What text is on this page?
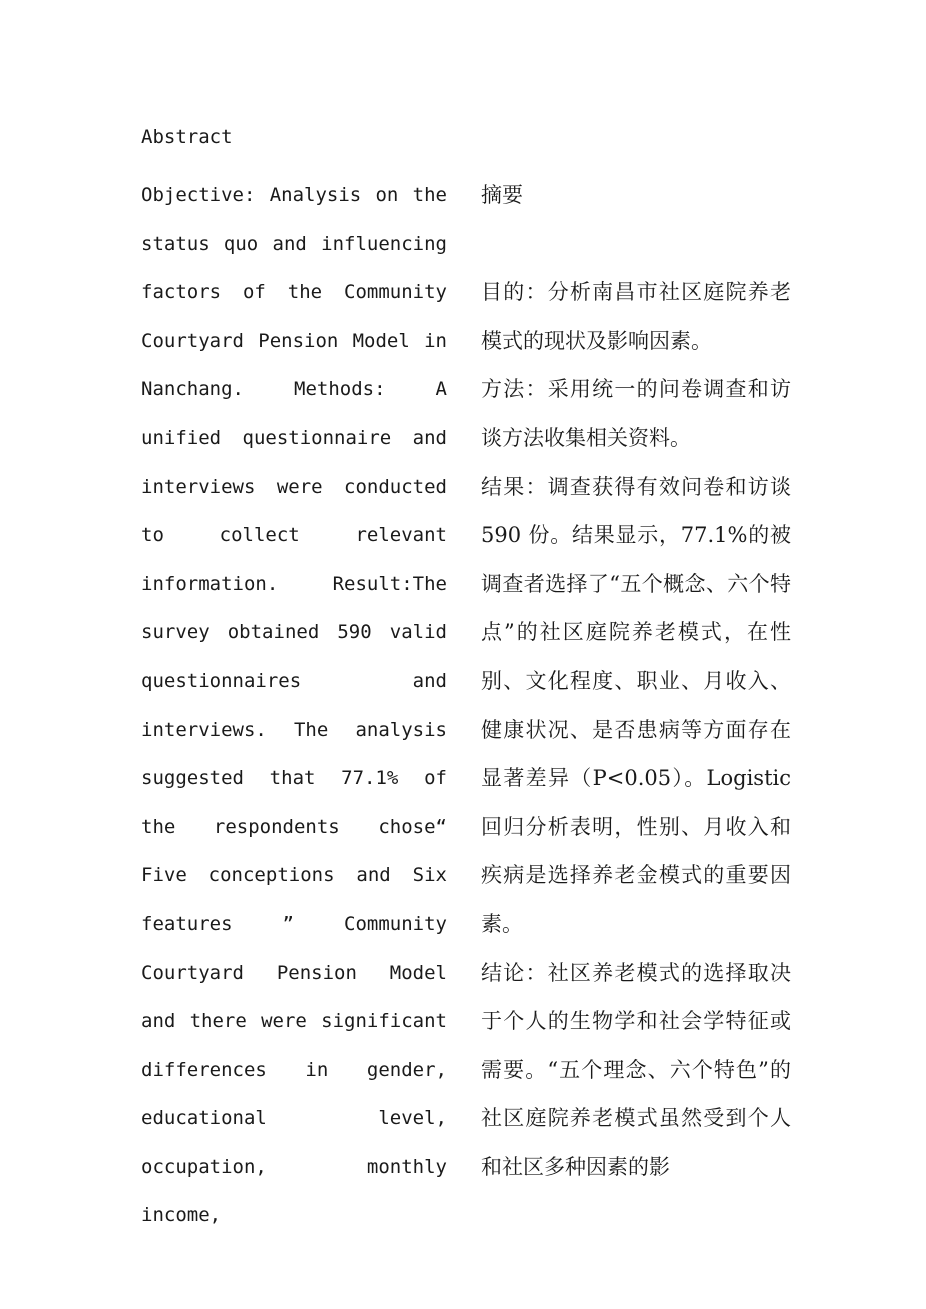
Abstract

Objective: Analysis on the status quo and influencing factors of the Community Courtyard Pension Model in Nanchang. Methods: A unified questionnaire and interviews were conducted to collect relevant information. Result:The survey obtained 590 valid questionnaires and interviews. The analysis suggested that 77.1% of the respondents chose“ Five conceptions and Six features ” Community Courtyard Pension Model and there were significant differences in gender, educational level, occupation, monthly income,

摘要

目的：分析南昌市社区庭院养老模式的现状及影响因素。

方法：采用统一的问卷调查和访谈方法收集相关资料。

结果：调查获得有效问卷和访谈 590 份。结果显示，77.1%的被调查者选择了“五个概念、六个特点”的社区庭院养老模式，在性别、文化程度、职业、月收入、健康状况、是否患病等方面存在显著差异（P<0.05）。Logistic 回归分析表明，性别、月收入和疾病是选择养老金模式的重要因素。

结论：社区养老模式的选择取决于个人的生物学和社会学特征或需要。“五个理念、六个特色”的社区庭院养老模式虽然受到个人和社区多种因素的影
